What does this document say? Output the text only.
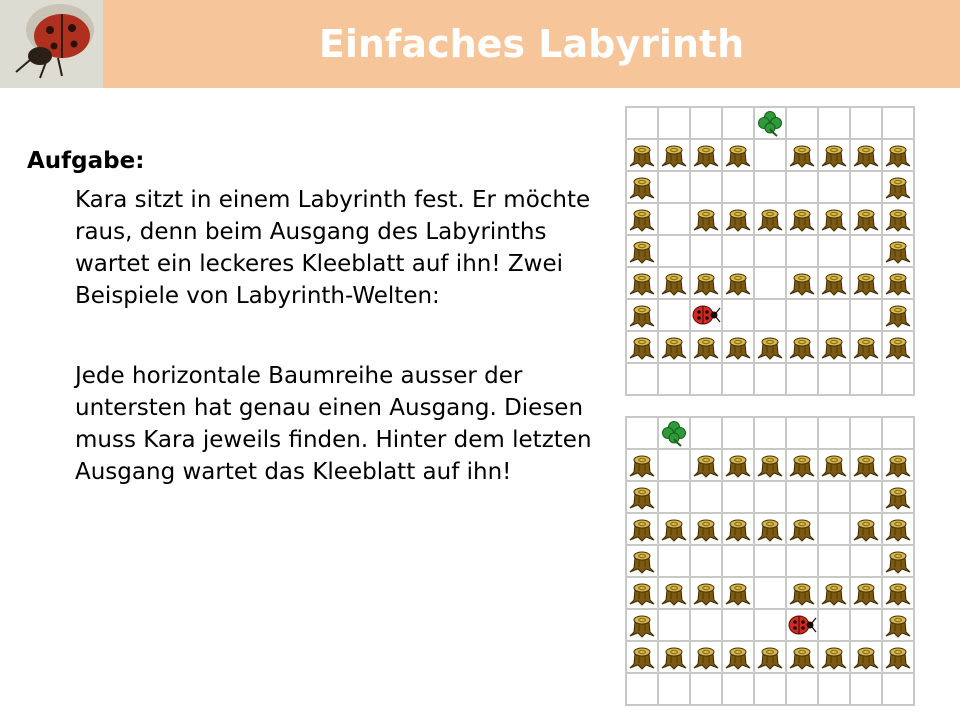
Einfaches Labyrinth
Aufgabe:

Kara sitzt in einem Labyrinth fest. Er möchte raus, denn beim Ausgang des Labyrinths wartet ein leckeres Kleeblatt auf ihn! Zwei Beispiele von Labyrinth-Welten:

Jede horizontale Baumreihe ausser der untersten hat genau einen Ausgang. Diesen muss Kara jeweils finden. Hinter dem letzten Ausgang wartet das Kleeblatt auf ihn!
